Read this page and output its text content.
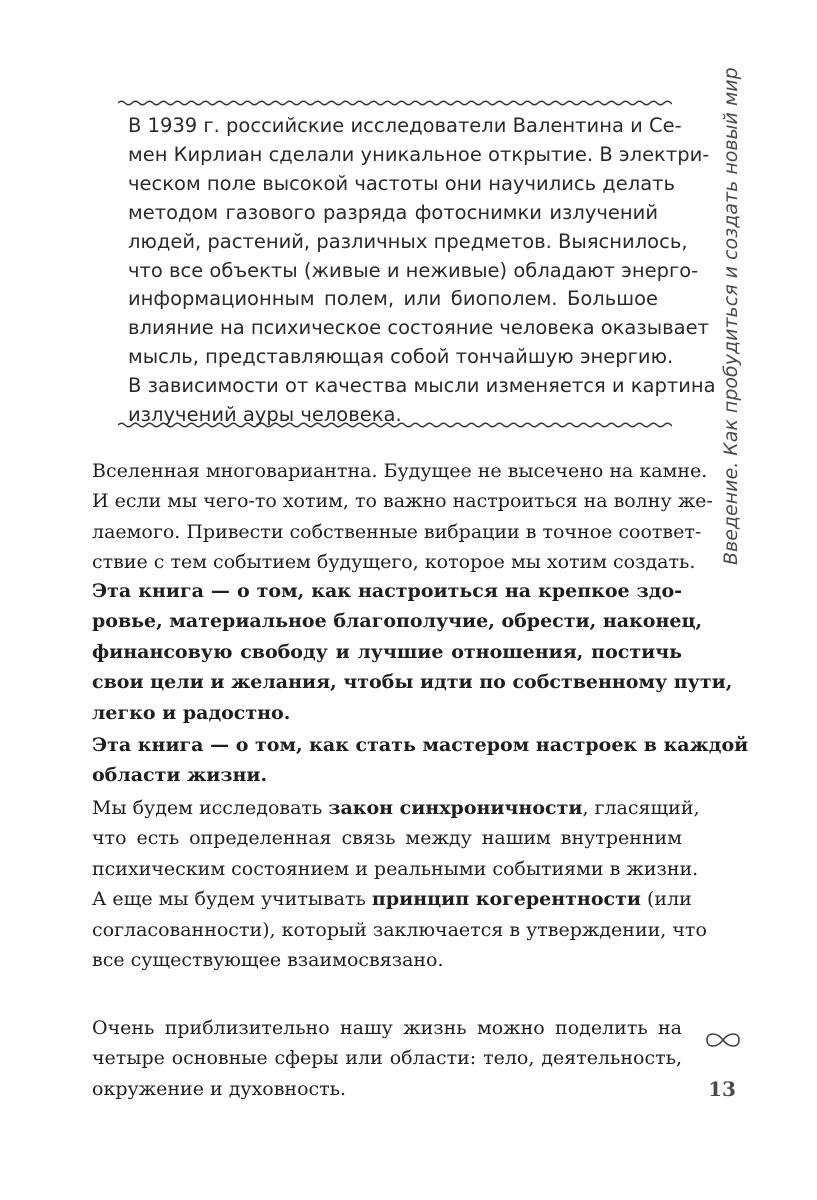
В 1939 г. российские исследователи Валентина и Се-
мен Кирлиан сделали уникальное открытие. В электри-
ческом поле высокой частоты они научились делать
методом газового разряда фотоснимки излучений
людей, растений, различных предметов. Выяснилось,
что все объекты (живые и неживые) обладают энерго-
информационным полем, или биополем. Большое
влияние на психическое состояние человека оказывает
мысль, представляющая собой тончайшую энергию.
В зависимости от качества мысли изменяется и картина
излучений ауры человека.
Вселенная многовариантна. Будущее не высечено на камне.
И если мы чего-то хотим, то важно настроиться на волну же-
лаемого. Привести собственные вибрации в точное соответ-
ствие с тем событием будущего, которое мы хотим создать.
Эта книга — о том, как настроиться на крепкое здо-
ровье, материальное благополучие, обрести, наконец,
финансовую свободу и лучшие отношения, постичь
свои цели и желания, чтобы идти по собственному пути,
легко и радостно.
Эта книга — о том, как стать мастером настроек в каждой
области жизни.
Мы будем исследовать закон синхроничности, гласящий,
что есть определенная связь между нашим внутренним
психическим состоянием и реальными событиями в жизни.
А еще мы будем учитывать принцип когерентности (или
согласованности), который заключается в утверждении, что
все существующее взаимосвязано.
Очень приблизительно нашу жизнь можно поделить на
четыре основные сферы или области: тело, деятельность,
окружение и духовность.
Введение. Как пробудиться и создать новый мир
13
